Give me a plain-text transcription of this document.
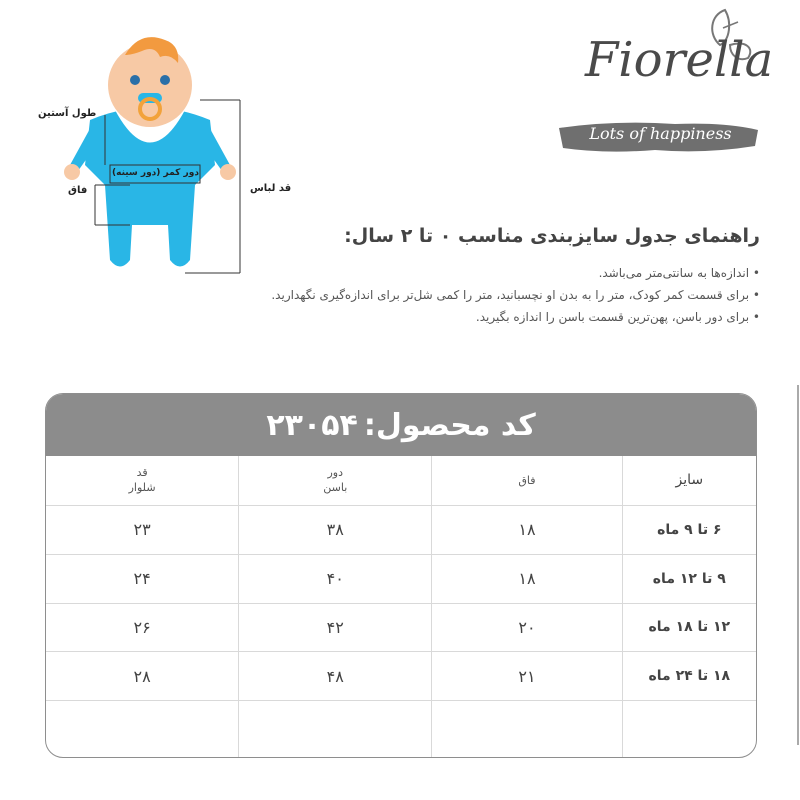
Fiorella
Lots of happiness
طول آستین
دور کمر (دور سینه)
فاق	قد لباس
راهنمای جدول سایزبندی مناسب ۰ تا ۲ سال:
• اندازه‌ها به سانتی‌متر می‌باشد.
• برای قسمت کمر کودک، متر را به بدن او نچسبانید، متر را کمی شل‌تر برای اندازه‌گیری نگهدارید.
• برای دور باسن، پهن‌ترین قسمت باسن را اندازه بگیرید.
کد محصول:
۲۳۰۵۴
سایز
۶ تا ۹ ماه
۹ تا ۱۲ ماه
۱۲ تا ۱۸ ماه
۱۸ تا ۲۴ ماه
فاق
۱۸
۱۸
۲۰
۲۱
دور
باسن
۳۸
۴۰
۴۲
۴۸
قد
شلوار
۲۳
۲۴
۲۶
۲۸
